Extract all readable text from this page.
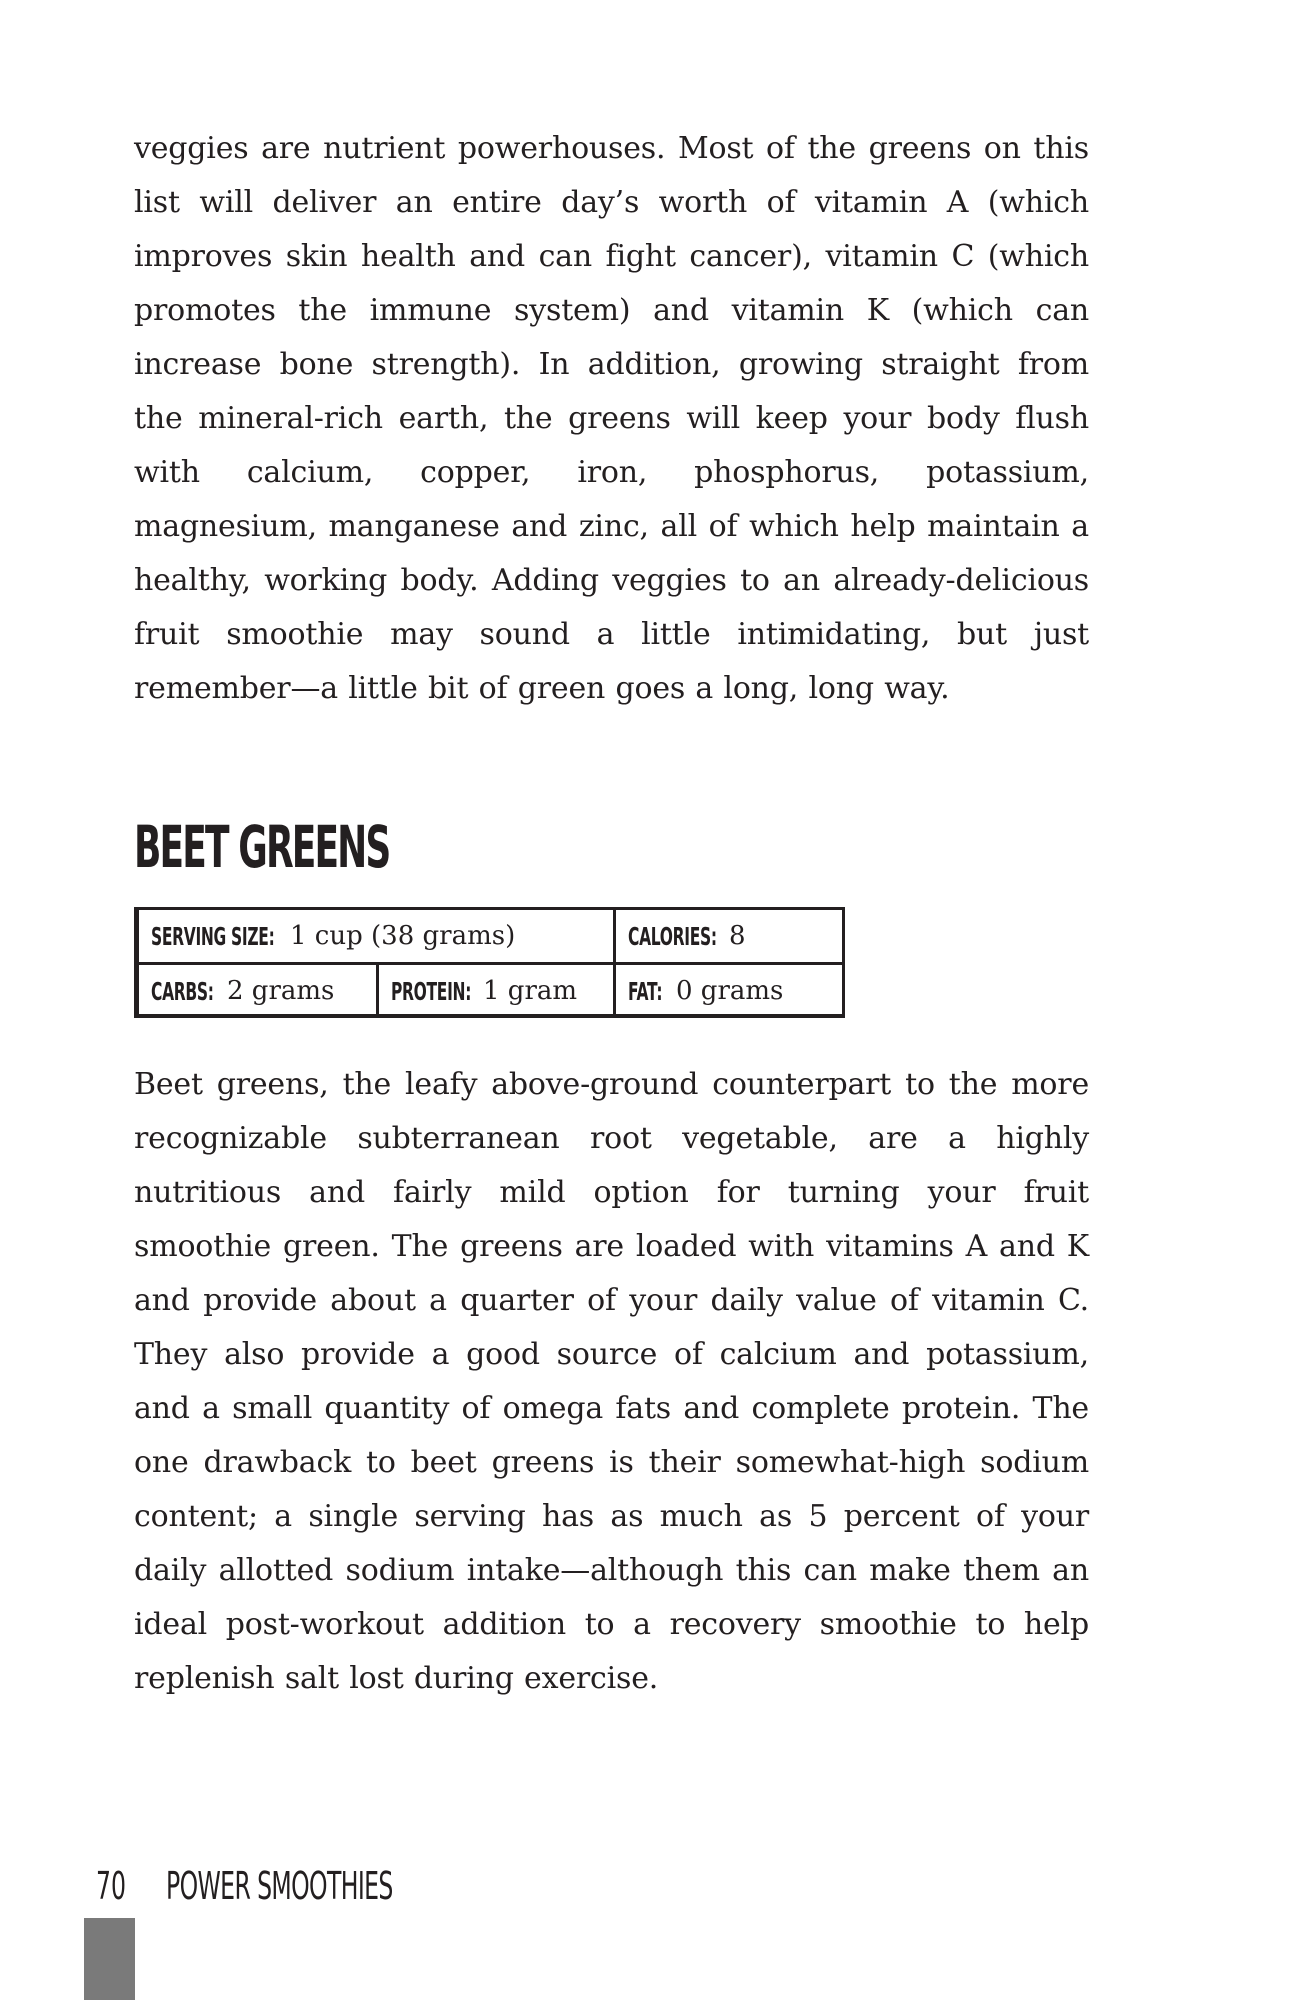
veggies are nutrient powerhouses. Most of the greens on this list will deliver an entire day’s worth of vitamin A (which improves skin health and can fight cancer), vitamin C (which promotes the immune system) and vitamin K (which can increase bone strength). In addition, growing straight from the mineral-rich earth, the greens will keep your body flush with calcium, copper, iron, phosphorus, potassium, magnesium, manganese and zinc, all of which help maintain a healthy, working body. Adding veggies to an already-delicious fruit smoothie may sound a little intimidating, but just remember—a little bit of green goes a long, long way.

BEET GREENS
SERVING SIZE: 1 cup (38 grams)	CALORIES: 8
CARBS: 2 grams PROTEIN: 1 gram FAT: 0 grams

Beet greens, the leafy above-ground counterpart to the more recognizable subterranean root vegetable, are a highly nutritious and fairly mild option for turning your fruit smoothie green. The greens are loaded with vitamins A and K and provide about a quarter of your daily value of vitamin C. They also provide a good source of calcium and potassium, and a small quantity of omega fats and complete protein. The one drawback to beet greens is their somewhat-high sodium content; a single serving has as much as 5 percent of your daily allotted sodium intake—although this can make them an ideal post-workout addition to a recovery smoothie to help replenish salt lost during exercise.

70 POWER SMOOTHIES
